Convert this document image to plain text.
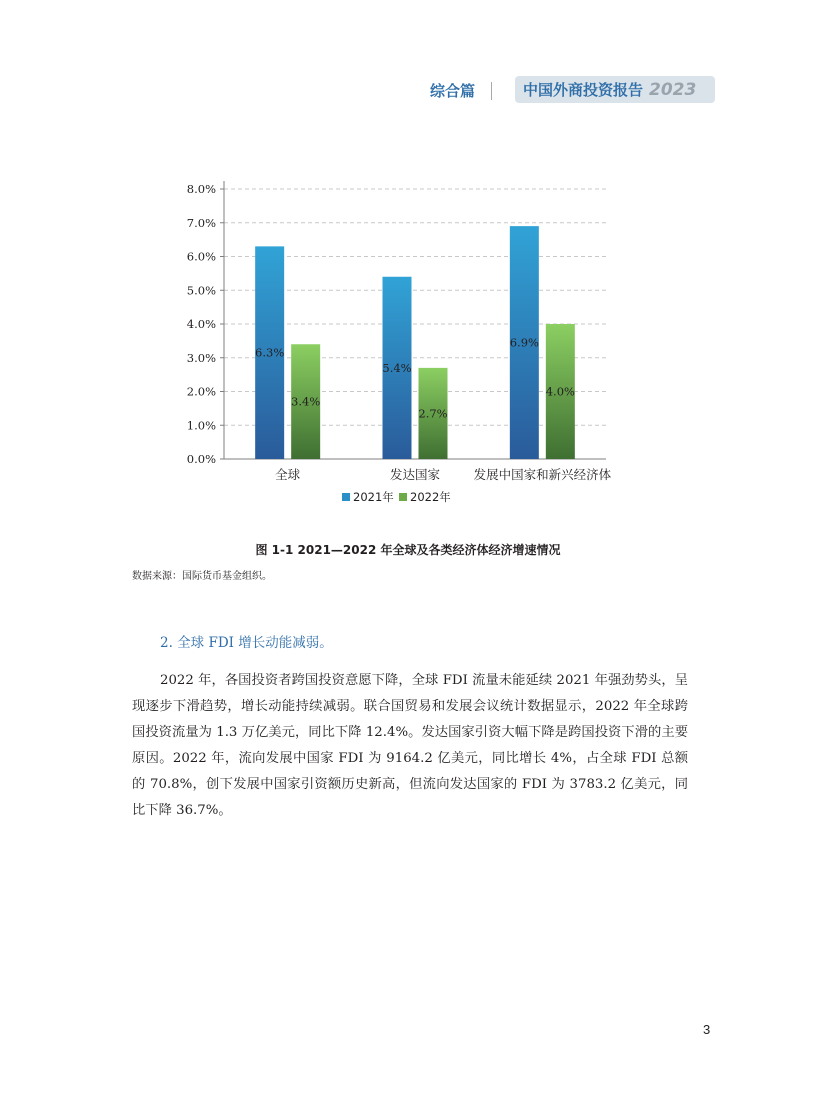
综合篇	中国外商投资报告 2023
0.0%
1.0%
2.0%
3.0%
4.0%
5.0%
6.0%
7.0%
8.0%
6.3%
3.4%
全球
5.4%
2.7%
发达国家
6.9%
4.0%
发展中国家和新兴经济体
2021年 2022年
图 1-1 2021—2022 年全球及各类经济体经济增速情况
数据来源：国际货币基金组织。
2. 全球 FDI 增长动能减弱。

2022 年，各国投资者跨国投资意愿下降，全球 FDI 流量未能延续 2021 年强劲势头，呈现逐步下滑趋势，增长动能持续减弱。联合国贸易和发展会议统计数据显示，2022 年全球跨国投资流量为 1.3 万亿美元，同比下降 12.4%。发达国家引资大幅下降是跨国投资下滑的主要原因。2022 年，流向发展中国家 FDI 为 9164.2 亿美元，同比增长 4%，占全球 FDI 总额的 70.8%，创下发展中国家引资额历史新高，但流向发达国家的 FDI 为 3783.2 亿美元，同比下降 36.7%。

3
